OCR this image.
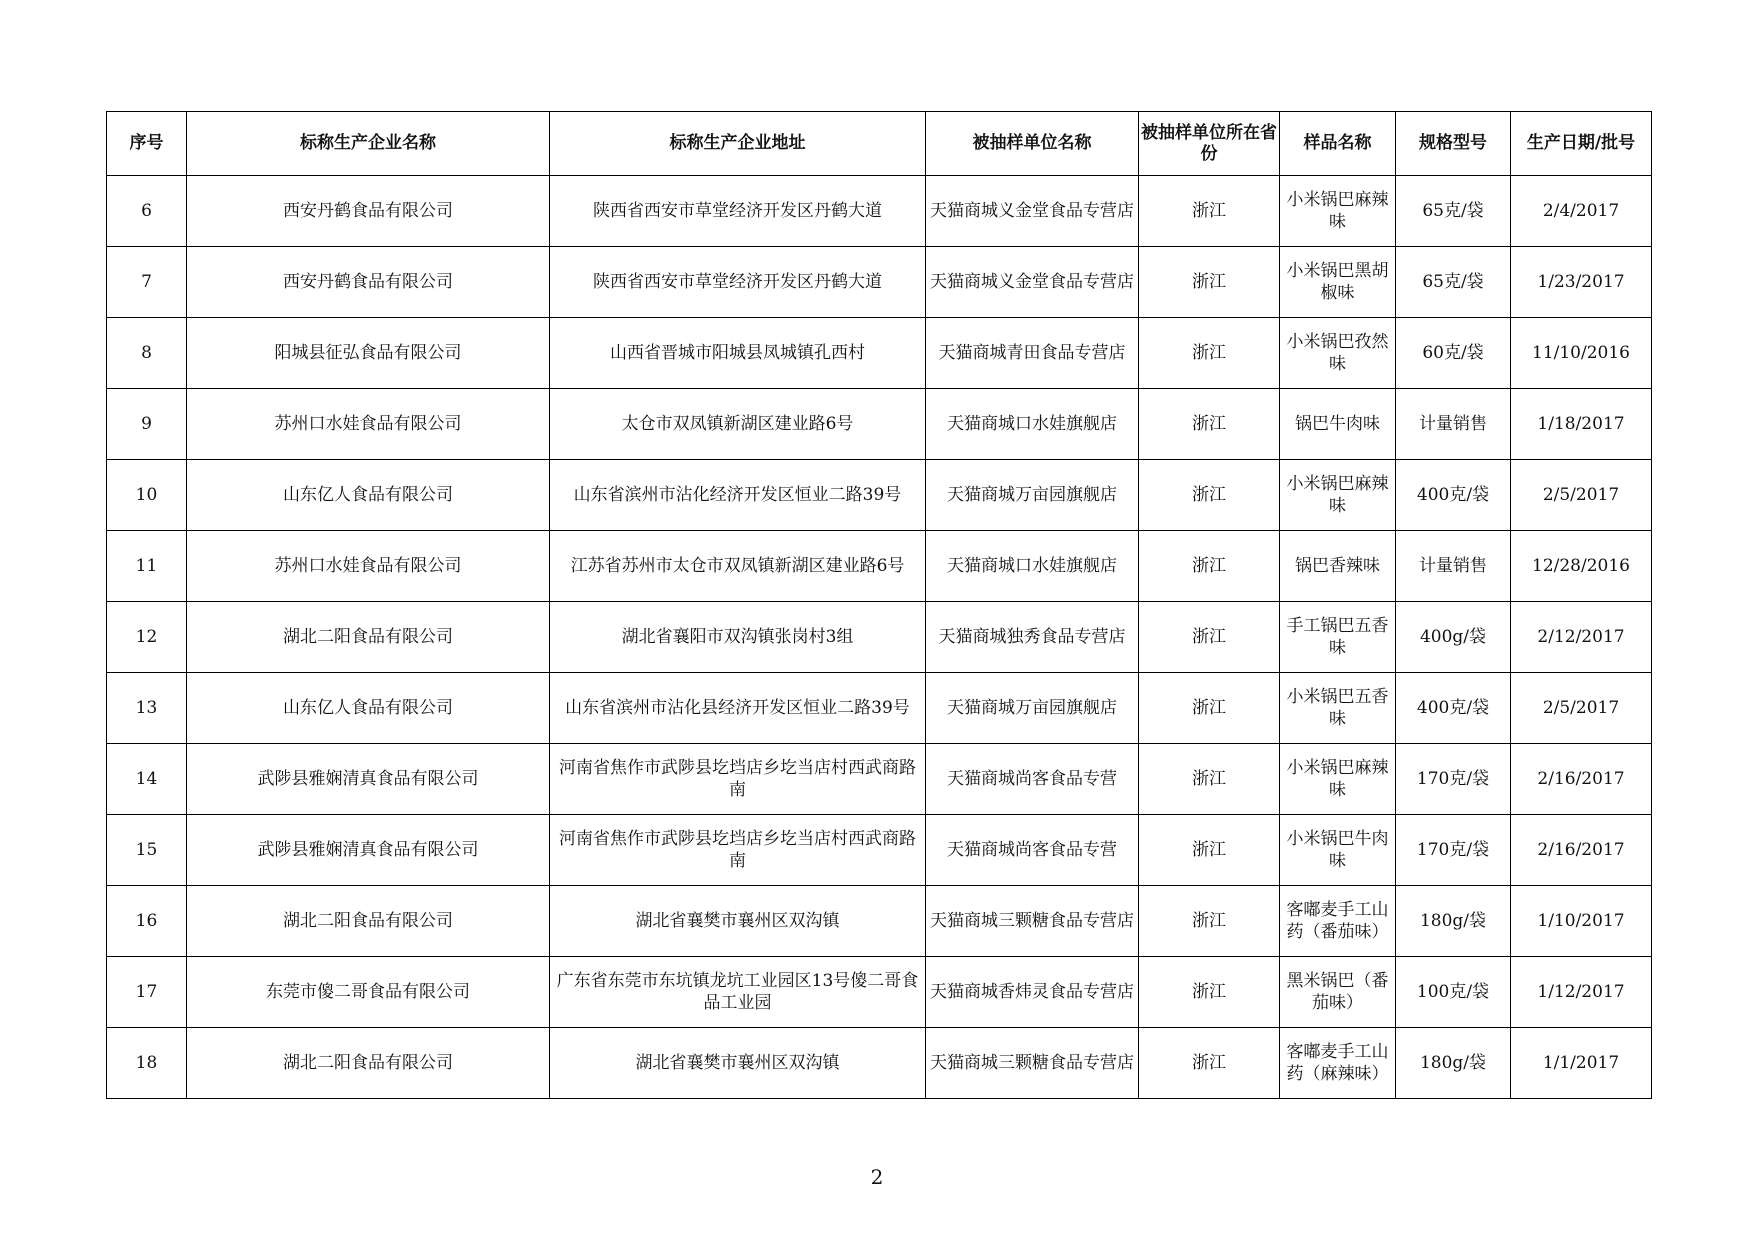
序号	标称生产企业名称	标称生产企业地址	被抽样单位名称	被抽样单位所在省份	样品名称	规格型号	生产日期/批号
6	西安丹鹤食品有限公司	陕西省西安市草堂经济开发区丹鹤大道	天猫商城义金堂食品专营店	浙江	小米锅巴麻辣味	65克/袋	2/4/2017
7	西安丹鹤食品有限公司	陕西省西安市草堂经济开发区丹鹤大道	天猫商城义金堂食品专营店	浙江	小米锅巴黑胡椒味	65克/袋	1/23/2017
8	阳城县征弘食品有限公司	山西省晋城市阳城县凤城镇孔西村	天猫商城青田食品专营店	浙江	小米锅巴孜然味	60克/袋	11/10/2016
9	苏州口水娃食品有限公司	太仓市双凤镇新湖区建业路6号	天猫商城口水娃旗舰店	浙江	锅巴牛肉味	计量销售	1/18/2017
10	山东亿人食品有限公司	山东省滨州市沾化经济开发区恒业二路39号	天猫商城万亩园旗舰店	浙江	小米锅巴麻辣味	400克/袋	2/5/2017
11	苏州口水娃食品有限公司	江苏省苏州市太仓市双凤镇新湖区建业路6号	天猫商城口水娃旗舰店	浙江	锅巴香辣味	计量销售	12/28/2016
12	湖北二阳食品有限公司	湖北省襄阳市双沟镇张岗村3组	天猫商城独秀食品专营店	浙江	手工锅巴五香味	400g/袋	2/12/2017
13	山东亿人食品有限公司	山东省滨州市沾化县经济开发区恒业二路39号	天猫商城万亩园旗舰店	浙江	小米锅巴五香味	400克/袋	2/5/2017
14	武陟县雅娴清真食品有限公司	河南省焦作市武陟县圪垱店乡圪当店村西武商路南	天猫商城尚客食品专营	浙江	小米锅巴麻辣味	170克/袋	2/16/2017
15	武陟县雅娴清真食品有限公司	河南省焦作市武陟县圪垱店乡圪当店村西武商路南	天猫商城尚客食品专营	浙江	小米锅巴牛肉味	170克/袋	2/16/2017
16	湖北二阳食品有限公司	湖北省襄樊市襄州区双沟镇	天猫商城三颗糖食品专营店	浙江	客嘟麦手工山药（番茄味）	180g/袋	1/10/2017
17	东莞市傻二哥食品有限公司	广东省东莞市东坑镇龙坑工业园区13号傻二哥食品工业园	天猫商城香炜灵食品专营店	浙江	黑米锅巴（番茄味）	100克/袋	1/12/2017
18	湖北二阳食品有限公司	湖北省襄樊市襄州区双沟镇	天猫商城三颗糖食品专营店	浙江	客嘟麦手工山药（麻辣味）	180g/袋	1/1/2017
2
